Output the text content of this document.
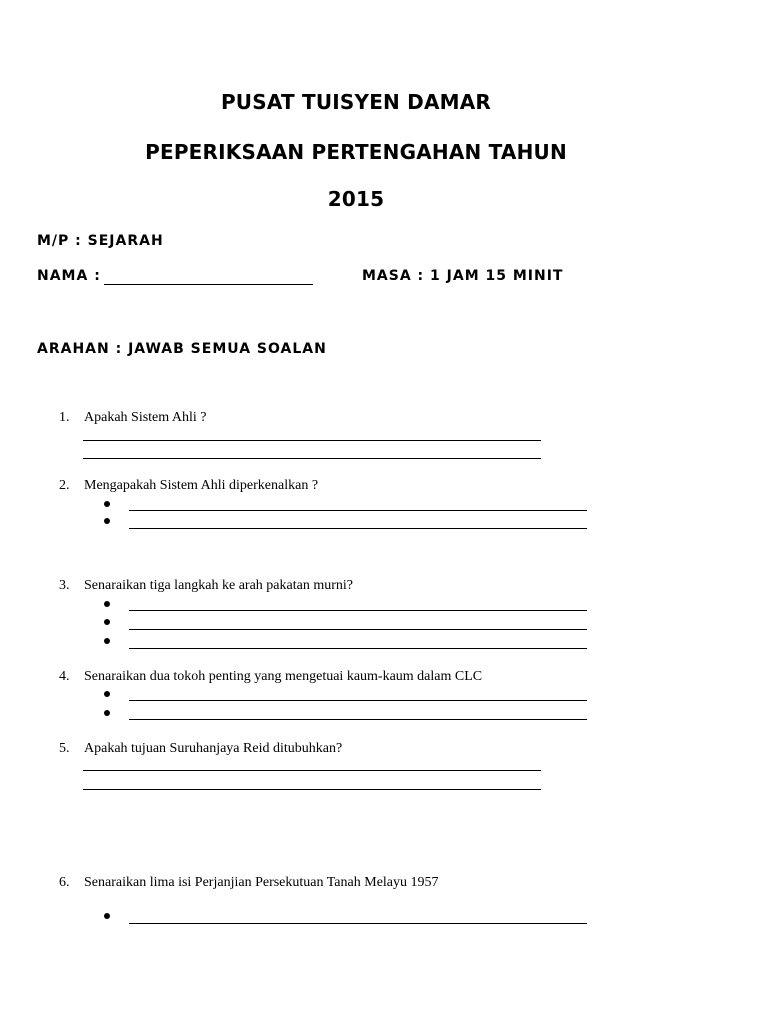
PUSAT TUISYEN DAMAR
PEPERIKSAAN PERTENGAHAN TAHUN
2015
M/P : SEJARAH
NAMA :	MASA : 1 JAM 15 MINIT
ARAHAN : JAWAB SEMUA SOALAN
1. Apakah Sistem Ahli ?
2. Mengapakah Sistem Ahli diperkenalkan ?
3. Senaraikan tiga langkah ke arah pakatan murni?
4. Senaraikan dua tokoh penting yang mengetuai kaum-kaum dalam CLC
5. Apakah tujuan Suruhanjaya Reid ditubuhkan?
6. Senaraikan lima isi Perjanjian Persekutuan Tanah Melayu 1957
